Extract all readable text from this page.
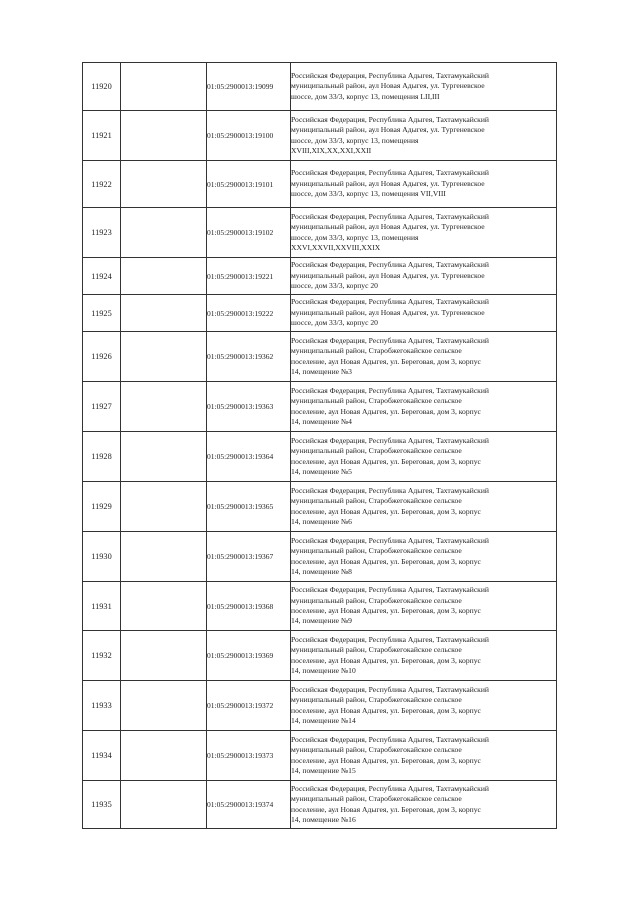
11920		01:05:2900013:19099	Российская Федерация, Республика Адыгея, Тахтамукайский
муниципальный район, аул Новая Адыгея, ул. Тургеневское
шоссе, дом 33/3, корпус 13, помещения LII,III
11921		01:05:2900013:19100	Российская Федерация, Республика Адыгея, Тахтамукайский
муниципальный район, аул Новая Адыгея, ул. Тургеневское
шоссе, дом 33/3, корпус 13, помещения
XVIII,XIX,XX,XXI,XXII
11922		01:05:2900013:19101	Российская Федерация, Республика Адыгея, Тахтамукайский
муниципальный район, аул Новая Адыгея, ул. Тургеневское
шоссе, дом 33/3, корпус 13, помещения VII,VIII
11923		01:05:2900013:19102	Российская Федерация, Республика Адыгея, Тахтамукайский
муниципальный район, аул Новая Адыгея, ул. Тургеневское
шоссе, дом 33/3, корпус 13, помещения
XXVI,XXVII,XXVIII,XXIX
11924		01:05:2900013:19221	Российская Федерация, Республика Адыгея, Тахтамукайский
муниципальный район, аул Новая Адыгея, ул. Тургеневское
шоссе, дом 33/3, корпус 20
11925		01:05:2900013:19222	Российская Федерация, Республика Адыгея, Тахтамукайский
муниципальный район, аул Новая Адыгея, ул. Тургеневское
шоссе, дом 33/3, корпус 20
11926		01:05:2900013:19362	Российская Федерация, Республика Адыгея, Тахтамукайский
муниципальный район, Старобжегокайское сельское
поселение, аул Новая Адыгея, ул. Береговая, дом 3, корпус
14, помещение №3
11927		01:05:2900013:19363	Российская Федерация, Республика Адыгея, Тахтамукайский
муниципальный район, Старобжегокайское сельское
поселение, аул Новая Адыгея, ул. Береговая, дом 3, корпус
14, помещение №4
11928		01:05:2900013:19364	Российская Федерация, Республика Адыгея, Тахтамукайский
муниципальный район, Старобжегокайское сельское
поселение, аул Новая Адыгея, ул. Береговая, дом 3, корпус
14, помещение №5
11929		01:05:2900013:19365	Российская Федерация, Республика Адыгея, Тахтамукайский
муниципальный район, Старобжегокайское сельское
поселение, аул Новая Адыгея, ул. Береговая, дом 3, корпус
14, помещение №6
11930		01:05:2900013:19367	Российская Федерация, Республика Адыгея, Тахтамукайский
муниципальный район, Старобжегокайское сельское
поселение, аул Новая Адыгея, ул. Береговая, дом 3, корпус
14, помещение №8
11931		01:05:2900013:19368	Российская Федерация, Республика Адыгея, Тахтамукайский
муниципальный район, Старобжегокайское сельское
поселение, аул Новая Адыгея, ул. Береговая, дом 3, корпус
14, помещение №9
11932		01:05:2900013:19369	Российская Федерация, Республика Адыгея, Тахтамукайский
муниципальный район, Старобжегокайское сельское
поселение, аул Новая Адыгея, ул. Береговая, дом 3, корпус
14, помещение №10
11933		01:05:2900013:19372	Российская Федерация, Республика Адыгея, Тахтамукайский
муниципальный район, Старобжегокайское сельское
поселение, аул Новая Адыгея, ул. Береговая, дом 3, корпус
14, помещение №14
11934		01:05:2900013:19373	Российская Федерация, Республика Адыгея, Тахтамукайский
муниципальный район, Старобжегокайское сельское
поселение, аул Новая Адыгея, ул. Береговая, дом 3, корпус
14, помещение №15
11935		01:05:2900013:19374	Российская Федерация, Республика Адыгея, Тахтамукайский
муниципальный район, Старобжегокайское сельское
поселение, аул Новая Адыгея, ул. Береговая, дом 3, корпус
14, помещение №16
